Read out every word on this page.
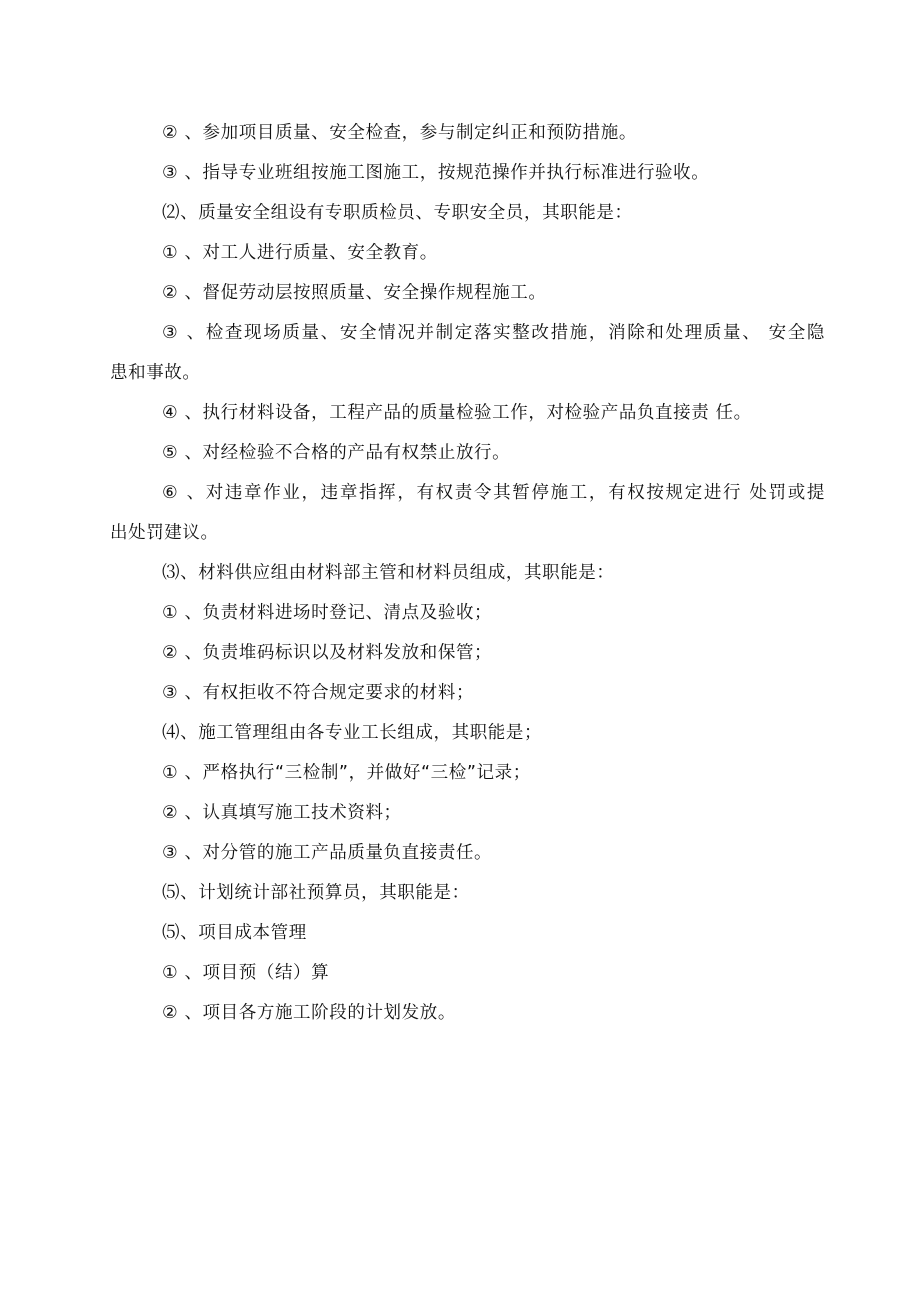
② 、参加项目质量、安全检查，参与制定纠正和预防措施。
③ 、指导专业班组按施工图施工，按规范操作并执行标准进行验收。
⑵、质量安全组设有专职质检员、专职安全员，其职能是：
① 、对工人进行质量、安全教育。
② 、督促劳动层按照质量、安全操作规程施工。
③ 、检查现场质量、安全情况并制定落实整改措施，消除和处理质量、 安全隐
患和事故。
④ 、执行材料设备，工程产品的质量检验工作，对检验产品负直接责 任。
⑤ 、对经检验不合格的产品有权禁止放行。
⑥ 、对违章作业，违章指挥，有权责令其暂停施工，有权按规定进行 处罚或提
出处罚建议。
⑶、材料供应组由材料部主管和材料员组成，其职能是：
① 、负责材料进场时登记、清点及验收；
② 、负责堆码标识以及材料发放和保管；
③ 、有权拒收不符合规定要求的材料；
⑷、施工管理组由各专业工长组成，其职能是；
① 、严格执行“三检制”，并做好“三检”记录；
② 、认真填写施工技术资料；
③ 、对分管的施工产品质量负直接责任。
⑸、计划统计部社预算员，其职能是：
⑸、项目成本管理
① 、项目预（结）算
② 、项目各方施工阶段的计划发放。
